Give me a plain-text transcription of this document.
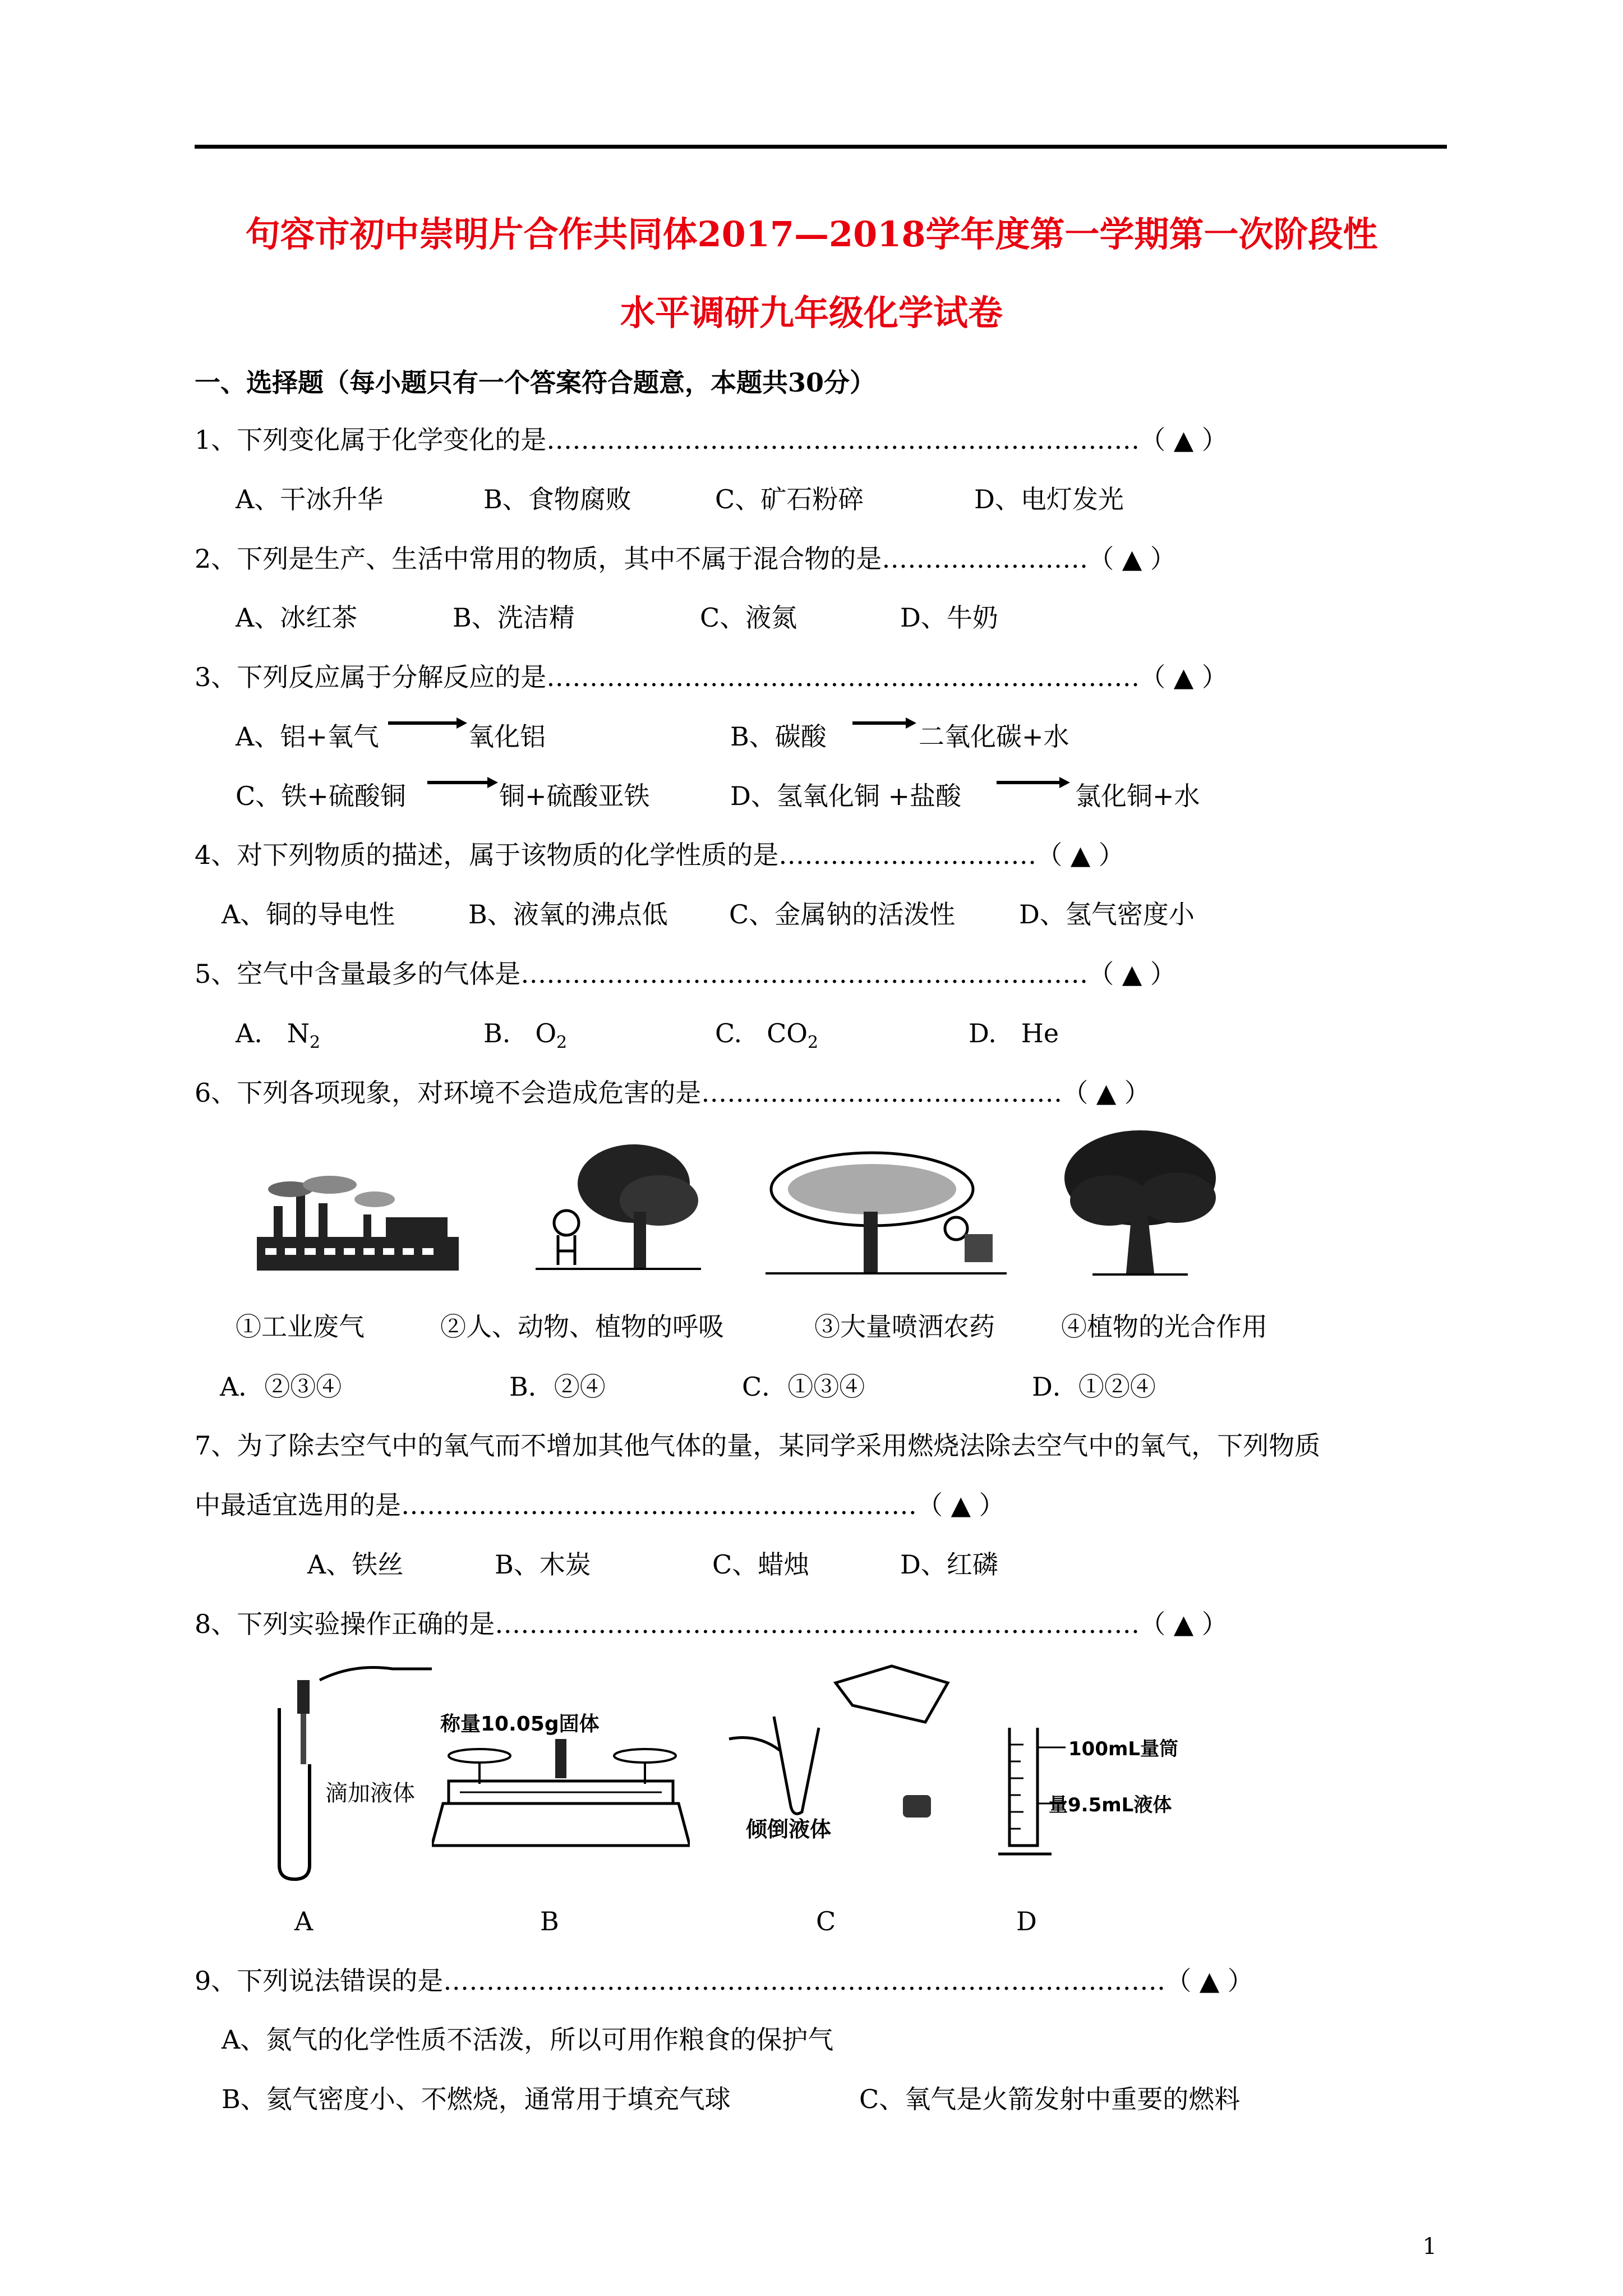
句容市初中崇明片合作共同体2017—2018学年度第一学期第一次阶段性
水平调研九年级化学试卷
一、选择题（每小题只有一个答案符合题意，本题共30分）
1、下列变化属于化学变化的是……………………………………………………………（ ▲ ）
A、干冰升华	B、食物腐败	C、矿石粉碎	D、电灯发光
2、下列是生产、生活中常用的物质，其中不属于混合物的是……………………（ ▲ ）
A、冰红茶	B、洗洁精	C、液氮	D、牛奶
3、下列反应属于分解反应的是……………………………………………………………（ ▲ ）
A、铝+氧气	氧化铝	B、碳酸	二氧化碳+水
C、铁+硫酸铜	铜+硫酸亚铁	D、氢氧化铜 +盐酸	氯化铜+水
4、对下列物质的描述，属于该物质的化学性质的是…………………………（ ▲ ）
A、铜的导电性	B、液氧的沸点低 C、金属钠的活泼性 D、氢气密度小
5、空气中含量最多的气体是…………………………………………………………（ ▲ ）
A. $N_2$	B. $O_2$	C. $CO_2$	D. He
6、下列各项现象，对环境不会造成危害的是……………………………………（ ▲ ）
①工业废气	②人、动物、植物的呼吸	③大量喷洒农药	④植物的光合作用
A．②③④	B．②④	C．①③④	D．①②④
7、为了除去空气中的氧气而不增加其他气体的量，某同学采用燃烧法除去空气中的氧气，下列物质
中最适宜选用的是……………………………………………………（ ▲ ）
A、铁丝	B、木炭	C、蜡烛	D、红磷
8、下列实验操作正确的是…………………………………………………………………（ ▲ ）
滴加液体
称量10.05g固体
倾倒液体
100mL量筒
量9.5mL液体
A	B	C	D
9、下列说法错误的是…………………………………………………………………………（ ▲ ）
A、氮气的化学性质不活泼，所以可用作粮食的保护气
B、氦气密度小、不燃烧，通常用于填充气球	C、氧气是火箭发射中重要的燃料
1
